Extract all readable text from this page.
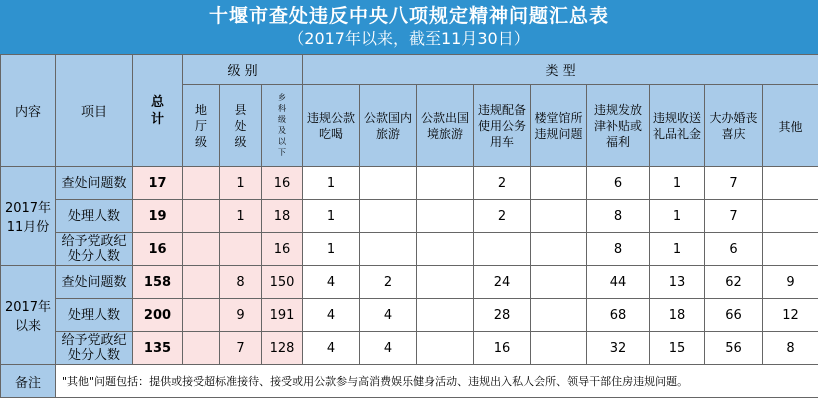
十堰市查处违反中央八项规定精神问题汇总表
（2017年以来，截至11月30日）
内容	项目	总计	级 别			类 型								
			地厅级	县处级	乡科级及以下	违规公款吃喝	公款国内旅游	公款出国境旅游	违规配备使用公务用车	楼堂馆所违规问题	违规发放津补贴或福利	违规收送礼品礼金	大办婚丧喜庆	其他
2017年11月份	查处问题数	17		1	16	1			2		6	1	7	
	处理人数	19		1	18	1			2		8	1	7	
	给予党政纪处分人数	16			16	1					8	1	6	
2017年以来	查处问题数	158		8	150	4	2		24		44	13	62	9
	处理人数	200		9	191	4	4		28		68	18	66	12
	给予党政纪处分人数	135		7	128	4	4		16		32	15	56	8
备注	"其他"问题包括：提供或接受超标准接待、接受或用公款参与高消费娱乐健身活动、违规出入私人会所、领导干部住房违规问题。													
